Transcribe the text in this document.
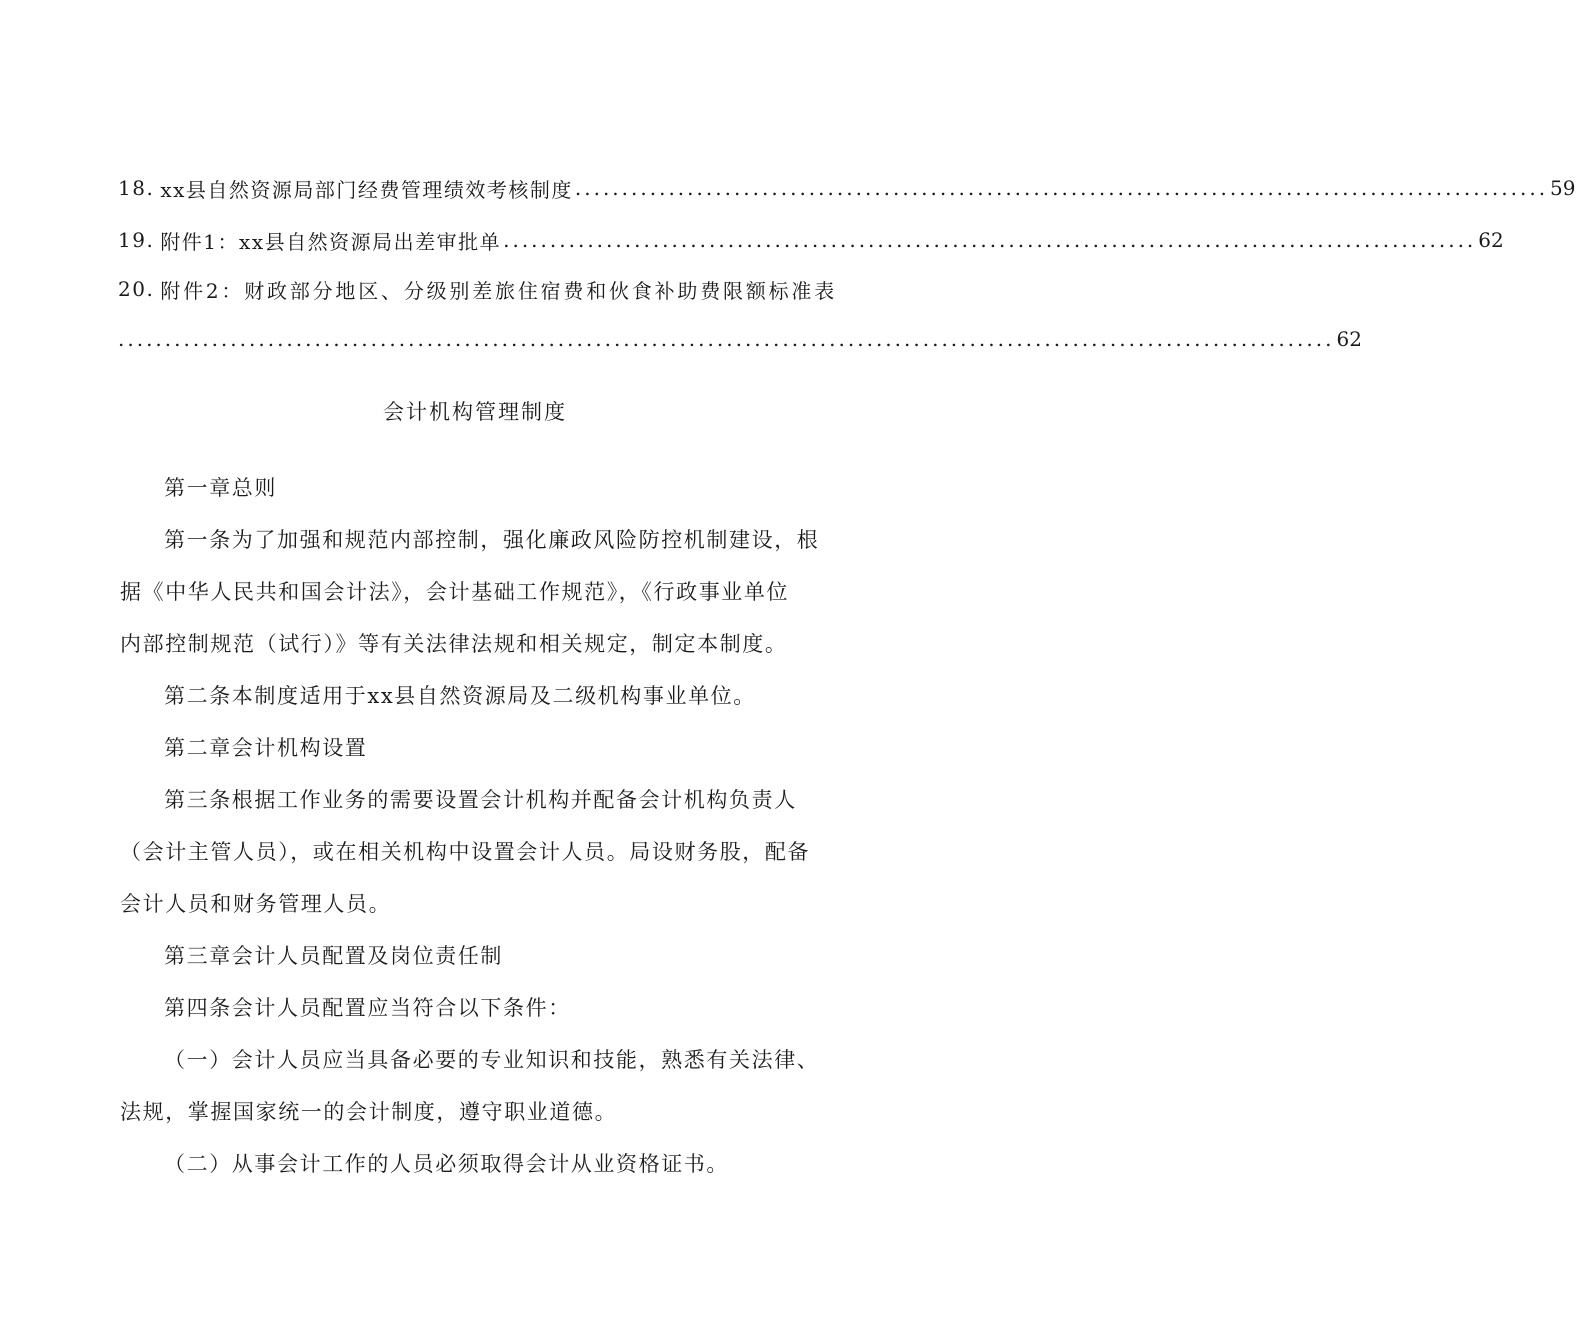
18. xx县自然资源局部门经费管理绩效考核制度 ........................................................................................................ 59
19. 附件1：xx县自然资源局出差审批单 ........................................................................................................ 62
20. 附件2：财政部分地区、分级别差旅住宿费和伙食补助费限额标准表
.................................................................................................................................. 62
会计机构管理制度

第一章总则

第一条为了加强和规范内部控制，强化廉政风险防控机制建设，根

据《中华人民共和国会计法》，会计基础工作规范》，《行政事业单位
内部控制规范（试行）》等有关法律法规和相关规定，制定本制度。

第二条本制度适用于xx县自然资源局及二级机构事业单位。

第二章会计机构设置

第三条根据工作业务的需要设置会计机构并配备会计机构负责人

（会计主管人员），或在相关机构中设置会计人员。局设财务股，配备
会计人员和财务管理人员。

第三章会计人员配置及岗位责任制

第四条会计人员配置应当符合以下条件：

（一）会计人员应当具备必要的专业知识和技能，熟悉有关法律、

法规，掌握国家统一的会计制度，遵守职业道德。

（二）从事会计工作的人员必须取得会计从业资格证书。
